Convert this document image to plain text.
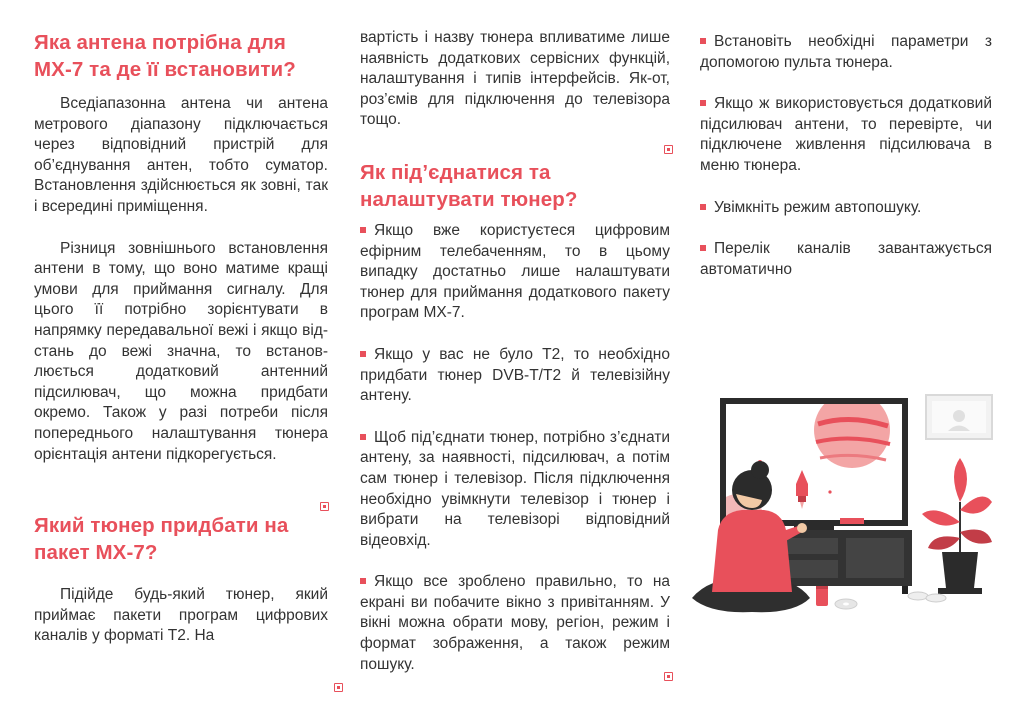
Яка антена потрібна для МХ-7 та де її встановити?

Вседіапазонна антена чи антена метрового діапазону підключається через відповідний пристрій для об’єднування антен, тобто суматор. Встановлення здійснюється як зовні, так і всередині приміщення.

Різниця зовнішнього встановлення антени в тому, що воно матиме кращі умови для приймання сигналу. Для цього її потрібно зорієнтувати в напрямку передавальної вежі і якщо відстань до вежі значна, то встановлюється додатковий антенний підсилювач, що можна придбати окремо. Також у разі потреби після попереднього налаштування тюнера орієнтація антени підкорегується.

Який тюнер придбати на пакет МХ-7?

Підійде будь-який тюнер, який приймає пакети програм цифрових каналів у форматі Т2. На

вартість і назву тюнера впливатиме лише наявність додаткових сервісних функцій, налаштування і типів інтерфейсів. Як-от, роз’ємів для підключення до телевізора тощо.

Як під’єднатися та налаштувати тюнер?
Якщо вже користуєтеся цифровим ефірним телебаченням, то в цьому випадку достатньо лише налаштувати тюнер для приймання додаткового пакету програм МХ-7.
Якщо у вас не було Т2, то необхідно придбати тюнер DVB-T/T2 й телевізійну антену.
Щоб під’єднати тюнер, потрібно з’єднати антену, за наявності, підсилювач, а потім сам тюнер і телевізор. Після підключення необхідно увімкнути телевізор і тюнер і вибрати на телевізорі відповідний відеовхід.
Якщо все зроблено правильно, то на екрані ви побачите вікно з привітанням. У вікні можна обрати мову, регіон, режим і формат зображення, а також режим пошуку.
Встановіть необхідні параметри з допомогою пульта тюнера.
Якщо ж використовується додатковий підсилювач антени, то перевірте, чи підключене живлення підсилювача в меню тюнера.
Увімкніть режим автопошуку.
Перелік каналів завантажується автоматично
